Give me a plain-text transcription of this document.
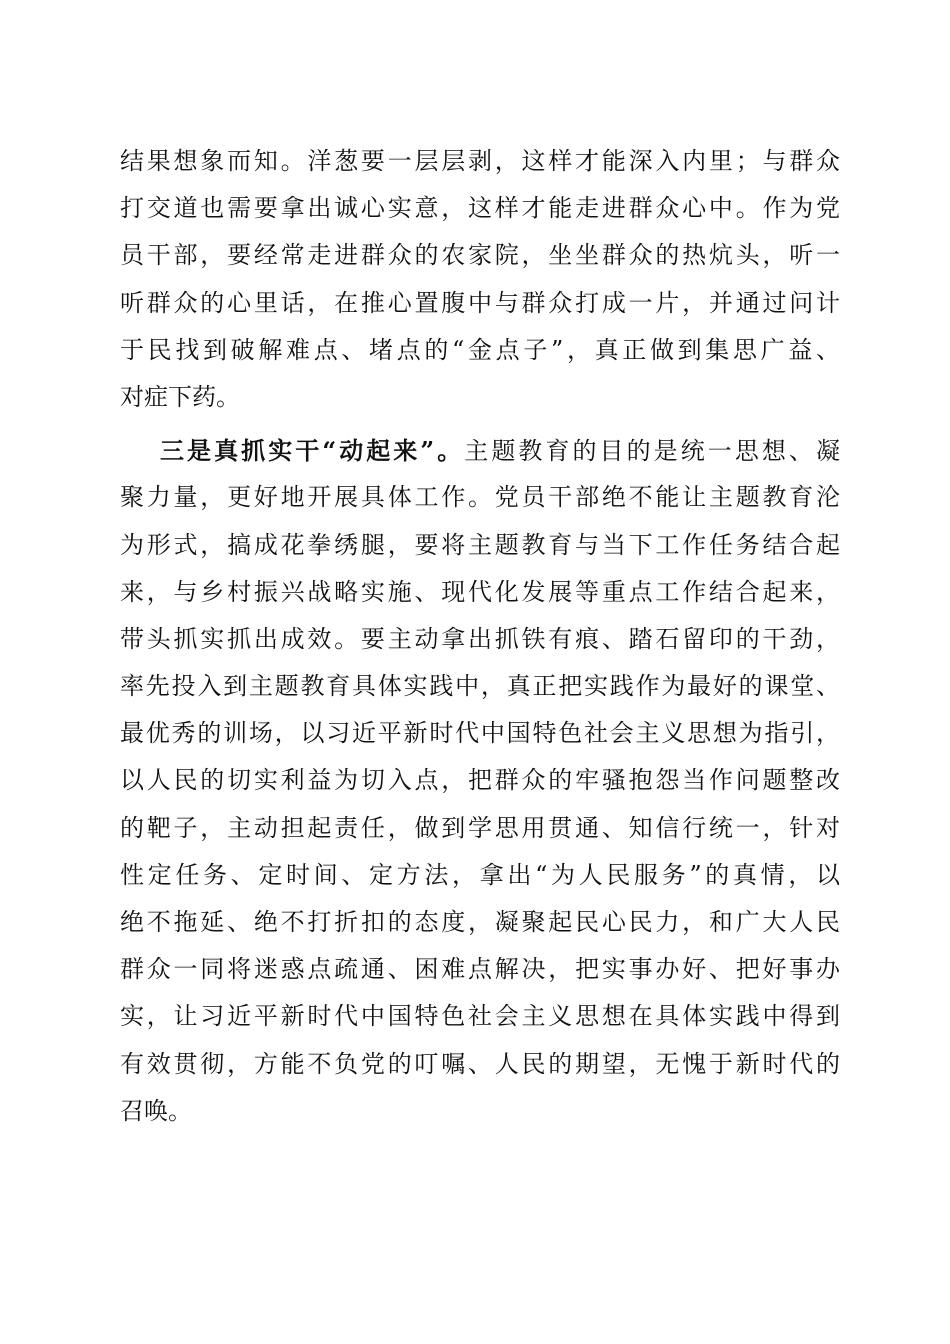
结果想象而知。洋葱要一层层剥，这样才能深入内里；与群众
打交道也需要拿出诚心实意，这样才能走进群众心中。作为党
员干部，要经常走进群众的农家院，坐坐群众的热炕头，听一
听群众的心里话，在推心置腹中与群众打成一片，并通过问计
于民找到破解难点、堵点的“金点子”，真正做到集思广益、
对症下药。
三是真抓实干“动起来”。主题教育的目的是统一思想、凝
聚力量，更好地开展具体工作。党员干部绝不能让主题教育沦
为形式，搞成花拳绣腿，要将主题教育与当下工作任务结合起
来，与乡村振兴战略实施、现代化发展等重点工作结合起来，
带头抓实抓出成效。要主动拿出抓铁有痕、踏石留印的干劲，
率先投入到主题教育具体实践中，真正把实践作为最好的课堂、
最优秀的训场，以习近平新时代中国特色社会主义思想为指引，
以人民的切实利益为切入点，把群众的牢骚抱怨当作问题整改
的靶子，主动担起责任，做到学思用贯通、知信行统一，针对
性定任务、定时间、定方法，拿出“为人民服务”的真情，以
绝不拖延、绝不打折扣的态度，凝聚起民心民力，和广大人民
群众一同将迷惑点疏通、困难点解决，把实事办好、把好事办
实，让习近平新时代中国特色社会主义思想在具体实践中得到
有效贯彻，方能不负党的叮嘱、人民的期望，无愧于新时代的
召唤。
